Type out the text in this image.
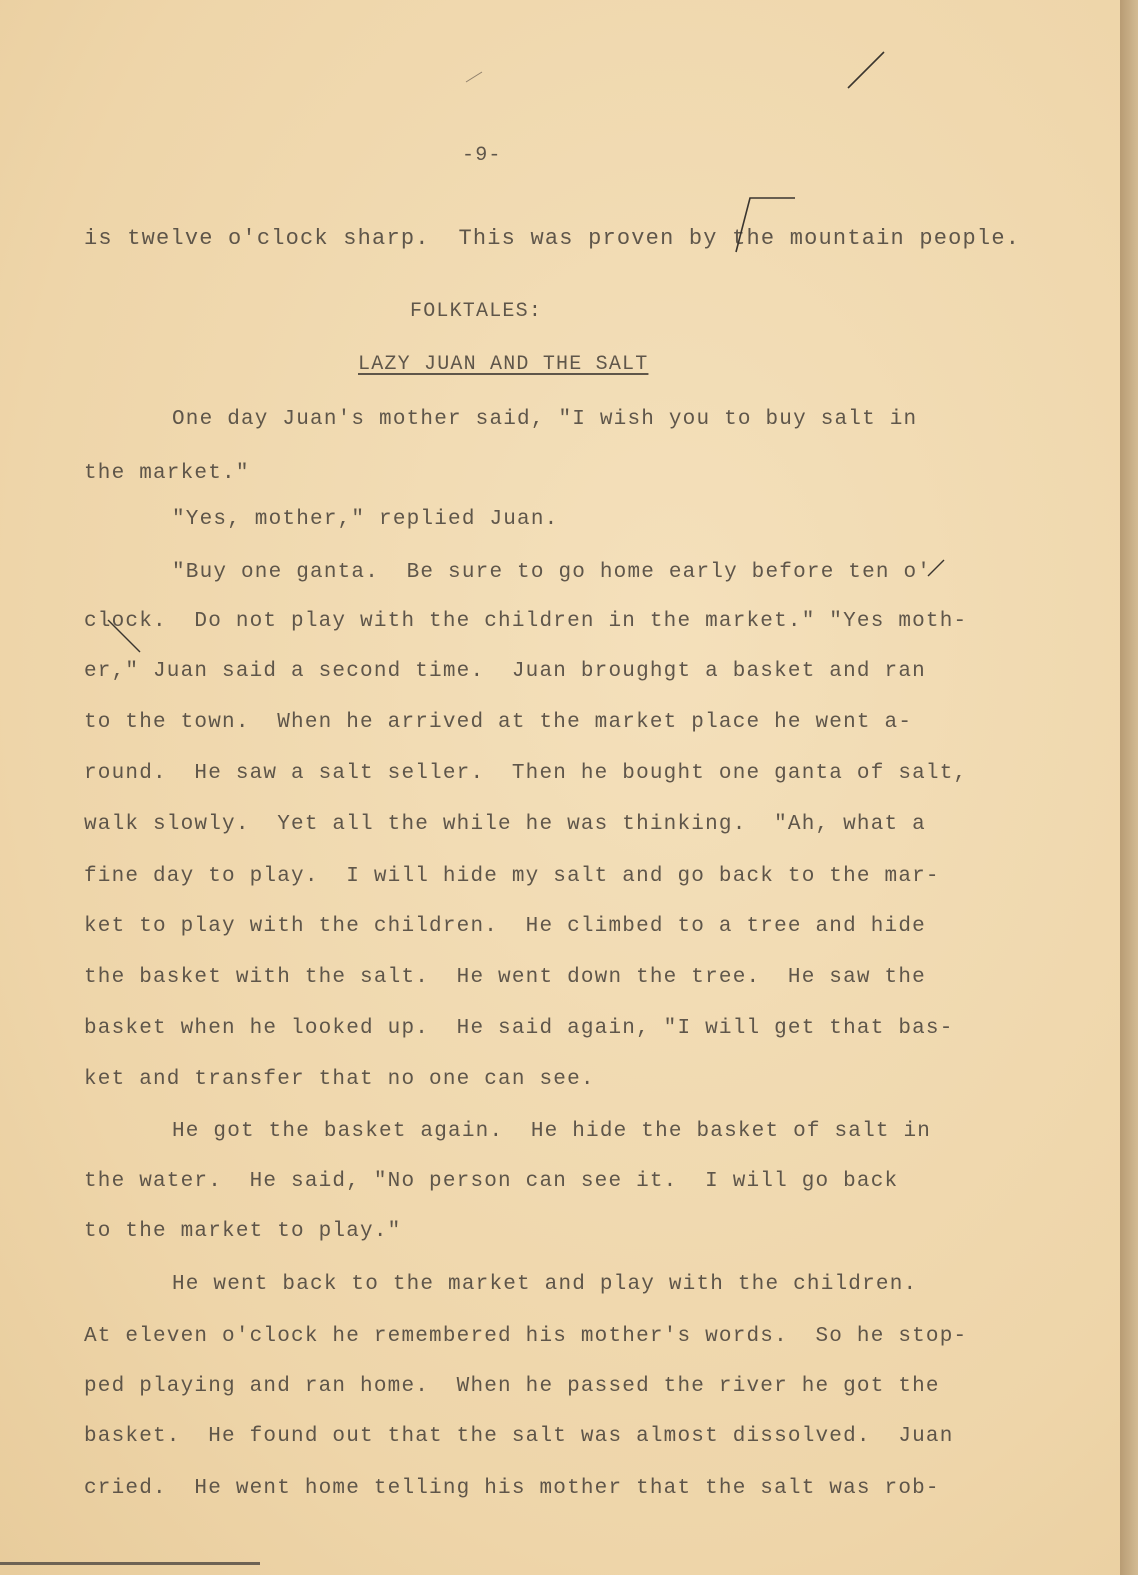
-9-
is twelve o'clock sharp.  This was proven by the mountain people.
FOLKTALES:
LAZY JUAN AND THE SALT
One day Juan's mother said, "I wish you to buy salt in
the market."
"Yes, mother," replied Juan.
"Buy one ganta.  Be sure to go home early before ten o'
clock.  Do not play with the children in the market." "Yes moth-
er," Juan said a second time.  Juan broughgt a basket and ran
to the town.  When he arrived at the market place he went a-
round.  He saw a salt seller.  Then he bought one ganta of salt,
walk slowly.  Yet all the while he was thinking.  "Ah, what a
fine day to play.  I will hide my salt and go back to the mar-
ket to play with the children.  He climbed to a tree and hide
the basket with the salt.  He went down the tree.  He saw the
basket when he looked up.  He said again, "I will get that bas-
ket and transfer that no one can see.
He got the basket again.  He hide the basket of salt in
the water.  He said, "No person can see it.  I will go back
to the market to play."
He went back to the market and play with the children.
At eleven o'clock he remembered his mother's words.  So he stop-
ped playing and ran home.  When he passed the river he got the
basket.  He found out that the salt was almost dissolved.  Juan
cried.  He went home telling his mother that the salt was rob-
